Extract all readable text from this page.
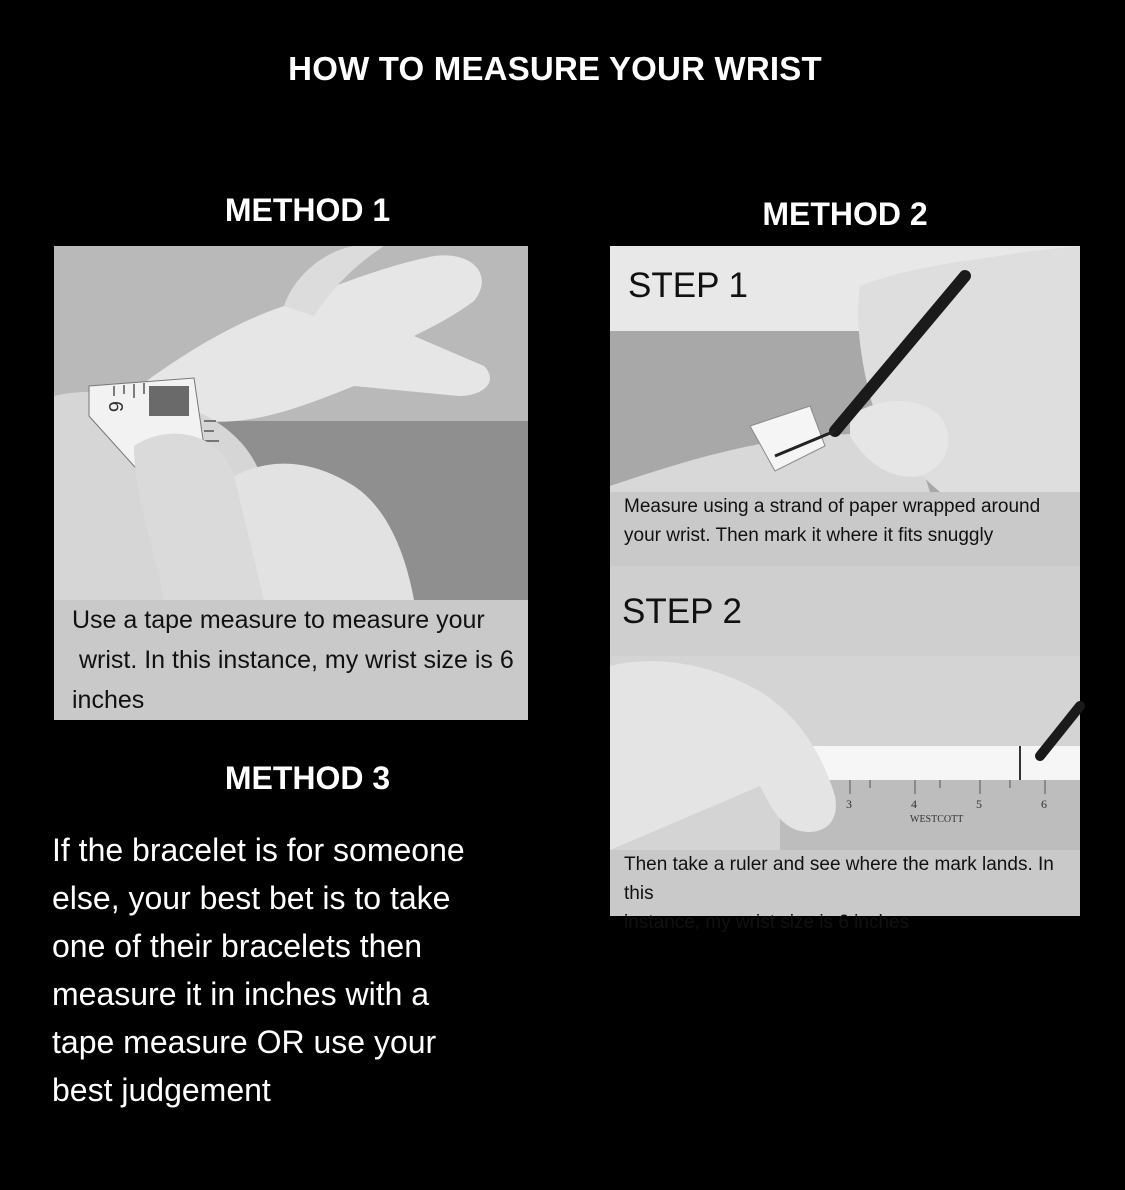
HOW TO MEASURE YOUR WRIST
METHOD 1
6
Use a tape measure to measure your
wrist. In this instance, my wrist size is 6
inches
METHOD 2
STEP 1
Measure using a strand of paper wrapped around
your wrist. Then mark it where it fits snuggly
3	4	5	6
WESTCOTT
STEP 2
Then take a ruler and see where the mark lands. In this
instance, my wrist size is 6 inches
METHOD 3
If the bracelet is for someone
else, your best bet is to take
one of their bracelets then
measure it in inches with a
tape measure OR use your
best judgement
